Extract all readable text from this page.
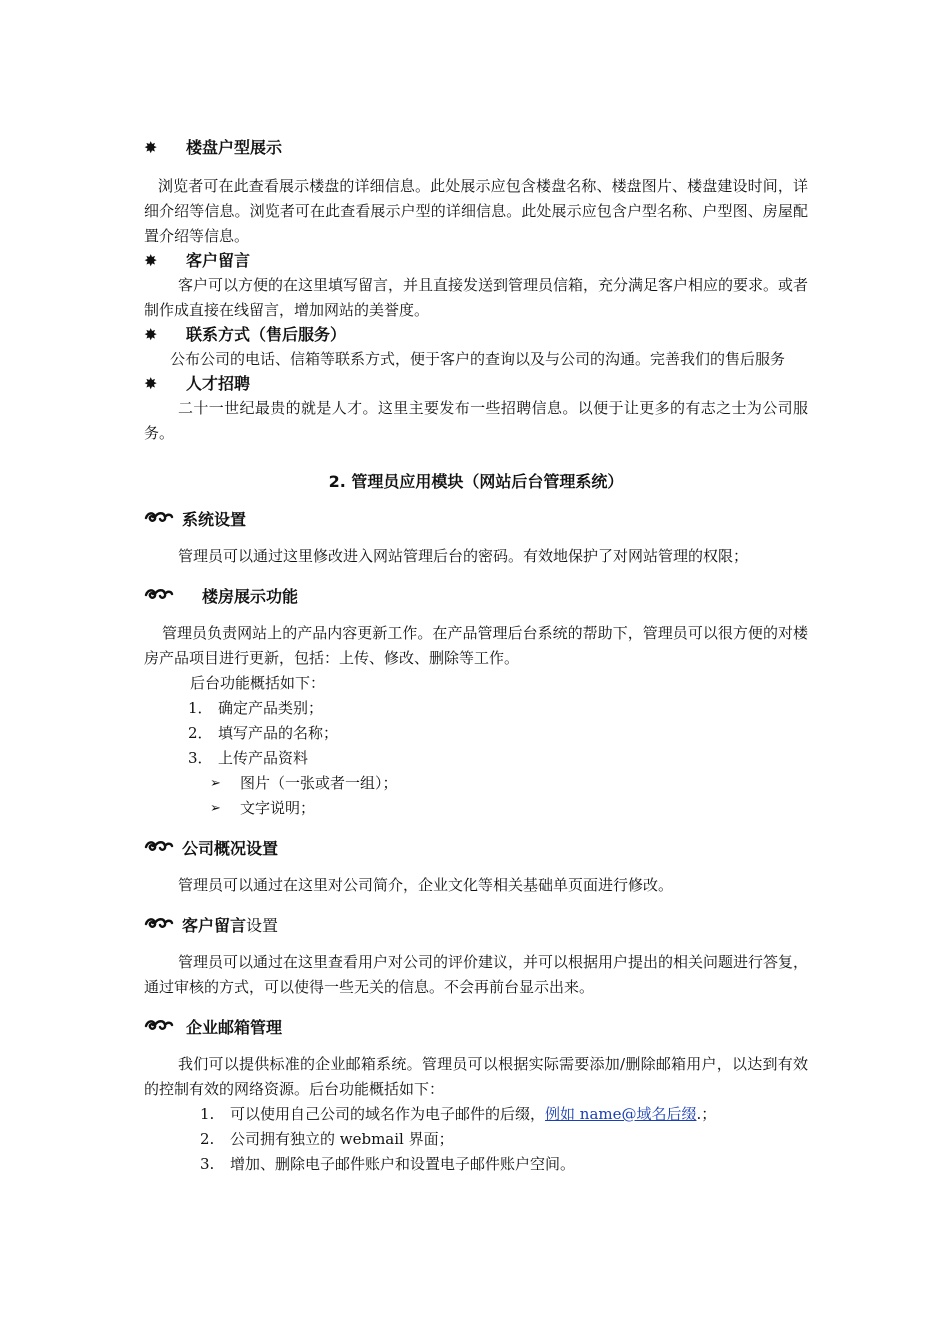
✸	楼盘户型展示

浏览者可在此查看展示楼盘的详细信息。此处展示应包含楼盘名称、楼盘图片、楼盘建设时间，详细介绍等信息。浏览者可在此查看展示户型的详细信息。此处展示应包含户型名称、户型图、房屋配置介绍等信息。

✸	客户留言

客户可以方便的在这里填写留言，并且直接发送到管理员信箱，充分满足客户相应的要求。或者制作成直接在线留言，增加网站的美誉度。

✸	联系方式（售后服务）

公布公司的电话、信箱等联系方式，便于客户的查询以及与公司的沟通。完善我们的售后服务

✸	人才招聘

二十一世纪最贵的就是人才。这里主要发布一些招聘信息。以便于让更多的有志之士为公司服务。

2. 管理员应用模块（网站后台管理系统）
系统设置

管理员可以通过这里修改进入网站管理后台的密码。有效地保护了对网站管理的权限；

楼房展示功能

管理员负责网站上的产品内容更新工作。在产品管理后台系统的帮助下，管理员可以很方便的对楼房产品项目进行更新，包括：上传、修改、删除等工作。

后台功能概括如下：

1． 确定产品类别；
2． 填写产品的名称；
3． 上传产品资料
➢	图片（一张或者一组）；
➢	文字说明；
公司概况设置

管理员可以通过在这里对公司简介，企业文化等相关基础单页面进行修改。

客户留言 设置

管理员可以通过在这里查看用户对公司的评价建议，并可以根据用户提出的相关问题进行答复，通过审核的方式，可以使得一些无关的信息。不会再前台显示出来。

企业邮箱管理

我们可以提供标准的企业邮箱系统。管理员可以根据实际需要添加/删除邮箱用户，以达到有效的控制有效的网络资源。后台功能概括如下：

1.	可以使用自己公司的域名作为电子邮件的后缀，例如 name@域名后缀.；
2.	公司拥有独立的 webmail 界面；
3.	增加、删除电子邮件账户和设置电子邮件账户空间。
